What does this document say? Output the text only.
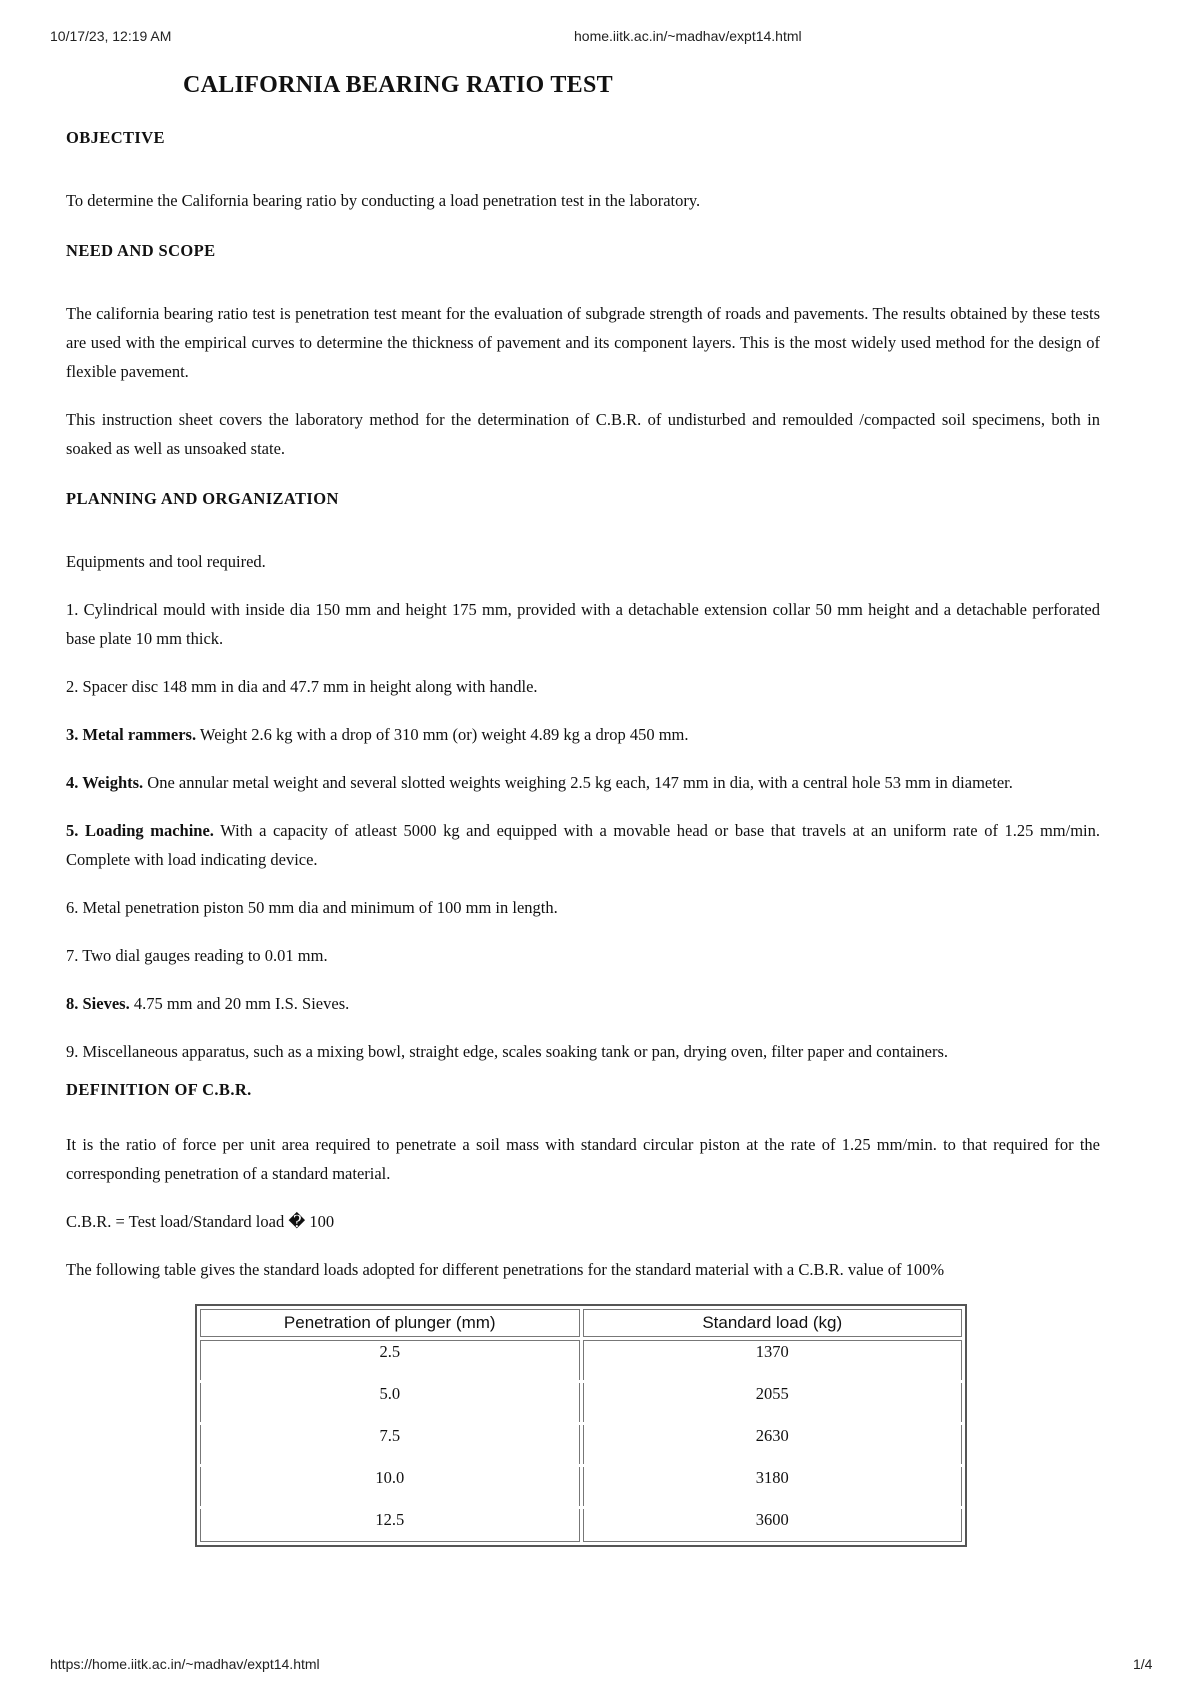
10/17/23, 12:19 AM	home.iitk.ac.in/~madhav/expt14.html
CALIFORNIA BEARING RATIO TEST
OBJECTIVE

To determine the California bearing ratio by conducting a load penetration test in the laboratory.

NEED AND SCOPE

The california bearing ratio test is penetration test meant for the evaluation of subgrade strength of roads and pavements. The results obtained by these tests are used with the empirical curves to determine the thickness of pavement and its component layers. This is the most widely used method for the design of flexible pavement.

This instruction sheet covers the laboratory method for the determination of C.B.R. of undisturbed and remoulded /compacted soil specimens, both in soaked as well as unsoaked state.

PLANNING AND ORGANIZATION

Equipments and tool required.

1. Cylindrical mould with inside dia 150 mm and height 175 mm, provided with a detachable extension collar 50 mm height and a detachable perforated base plate 10 mm thick.

2. Spacer disc 148 mm in dia and 47.7 mm in height along with handle.

3. Metal rammers. Weight 2.6 kg with a drop of 310 mm (or) weight 4.89 kg a drop 450 mm.

4. Weights. One annular metal weight and several slotted weights weighing 2.5 kg each, 147 mm in dia, with a central hole 53 mm in diameter.

5. Loading machine. With a capacity of atleast 5000 kg and equipped with a movable head or base that travels at an uniform rate of 1.25 mm/min. Complete with load indicating device.

6. Metal penetration piston 50 mm dia and minimum of 100 mm in length.

7. Two dial gauges reading to 0.01 mm.

8. Sieves. 4.75 mm and 20 mm I.S. Sieves.

9. Miscellaneous apparatus, such as a mixing bowl, straight edge, scales soaking tank or pan, drying oven, filter paper and containers.

DEFINITION OF C.B.R.

It is the ratio of force per unit area required to penetrate a soil mass with standard circular piston at the rate of 1.25 mm/min. to that required for the corresponding penetration of a standard material.

C.B.R. = Test load/Standard load � 100

The following table gives the standard loads adopted for different penetrations for the standard material with a C.B.R. value of 100%

Penetration of plunger (mm)	Standard load (kg)
2.5	1370
5.0	2055
7.5	2630
10.0	3180
12.5	3600
https://home.iitk.ac.in/~madhav/expt14.html	1/4
